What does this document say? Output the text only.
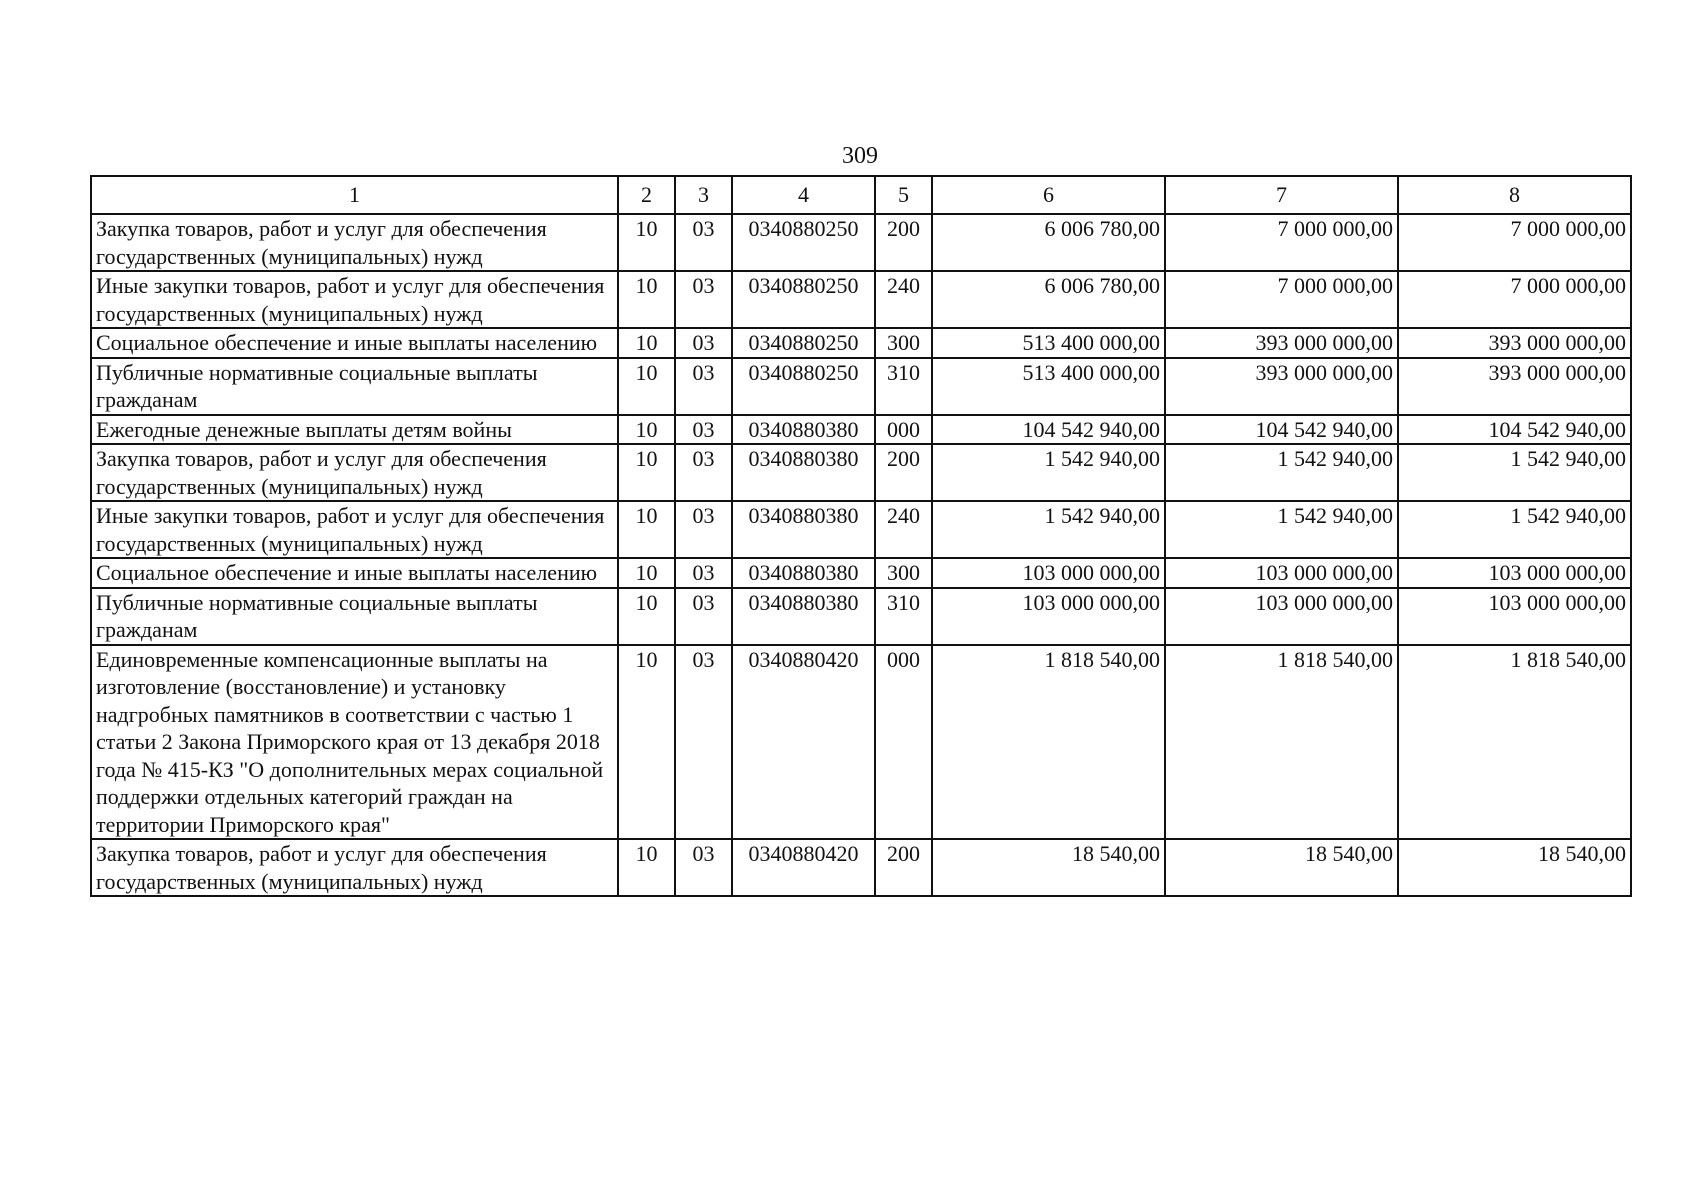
309
1	2	3	4	5	6	7	8
Закупка товаров, работ и услуг для обеспечения государственных (муниципальных) нужд	10	03	0340880250	200	6 006 780,00	7 000 000,00	7 000 000,00
Иные закупки товаров, работ и услуг для обеспечения государственных (муниципальных) нужд	10	03	0340880250	240	6 006 780,00	7 000 000,00	7 000 000,00
Социальное обеспечение и иные выплаты населению	10	03	0340880250	300	513 400 000,00	393 000 000,00	393 000 000,00
Публичные нормативные социальные выплаты гражданам	10	03	0340880250	310	513 400 000,00	393 000 000,00	393 000 000,00
Ежегодные денежные выплаты детям войны	10	03	0340880380	000	104 542 940,00	104 542 940,00	104 542 940,00
Закупка товаров, работ и услуг для обеспечения государственных (муниципальных) нужд	10	03	0340880380	200	1 542 940,00	1 542 940,00	1 542 940,00
Иные закупки товаров, работ и услуг для обеспечения государственных (муниципальных) нужд	10	03	0340880380	240	1 542 940,00	1 542 940,00	1 542 940,00
Социальное обеспечение и иные выплаты населению	10	03	0340880380	300	103 000 000,00	103 000 000,00	103 000 000,00
Публичные нормативные социальные выплаты гражданам	10	03	0340880380	310	103 000 000,00	103 000 000,00	103 000 000,00
Единовременные компенсационные выплаты на изготовление (восстановление) и установку надгробных памятников в соответствии с частью 1 статьи 2 Закона Приморского края от 13 декабря 2018 года № 415-КЗ "О дополнительных мерах социальной поддержки отдельных категорий граждан на территории Приморского края"	10	03	0340880420	000	1 818 540,00	1 818 540,00	1 818 540,00
Закупка товаров, работ и услуг для обеспечения государственных (муниципальных) нужд	10	03	0340880420	200	18 540,00	18 540,00	18 540,00
